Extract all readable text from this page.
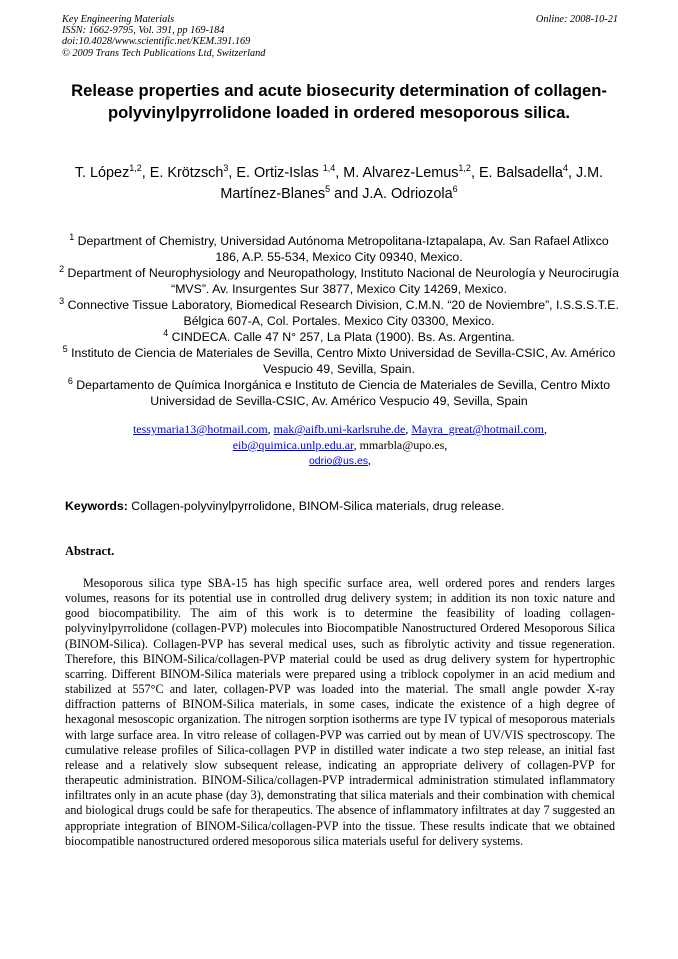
Key Engineering Materials
ISSN: 1662-9795, Vol. 391, pp 169-184
doi:10.4028/www.scientific.net/KEM.391.169
© 2009 Trans Tech Publications Ltd, Switzerland
Online: 2008-10-21
Release properties and acute biosecurity determination of collagen-polyvinylpyrrolidone loaded in ordered mesoporous silica.
T. López$^{1,2}$, E. Krötzsch$^3$, E. Ortiz-Islas $^{1,4}$, M. Alvarez-Lemus$^{1,2}$, E. Balsadella$^4$, J.M. Martínez-Blanes$^5$ and J.A. Odriozola$^6$
$^1$ Department of Chemistry, Universidad Autónoma Metropolitana-Iztapalapa, Av. San Rafael Atlixco 186, A.P. 55-534, Mexico City 09340, Mexico.
$^2$ Department of Neurophysiology and Neuropathology, Instituto Nacional de Neurología y Neurocirugía “MVS”. Av. Insurgentes Sur 3877, Mexico City 14269, Mexico.
$^3$ Connective Tissue Laboratory, Biomedical Research Division, C.M.N. “20 de Noviembre”, I.S.S.S.T.E. Bélgica 607-A, Col. Portales. Mexico City 03300, Mexico.
$^4$ CINDECA. Calle 47 N° 257, La Plata (1900). Bs. As. Argentina.
$^5$ Instituto de Ciencia de Materiales de Sevilla, Centro Mixto Universidad de Sevilla-CSIC, Av. Américo Vespucio 49, Sevilla, Spain.
$^6$ Departamento de Química Inorgánica e Instituto de Ciencia de Materiales de Sevilla, Centro Mixto Universidad de Sevilla-CSIC, Av. Américo Vespucio 49, Sevilla, Spain
tessymaria13@hotmail.com, mak@aifb.uni-karlsruhe.de, Mayra_great@hotmail.com,
eib@quimica.unlp.edu.ar, mmarbla@upo.es,
odrio@us.es,
Keywords: Collagen-polyvinylpyrrolidone, BINOM-Silica materials, drug release.
Abstract.

Mesoporous silica type SBA-15 has high specific surface area, well ordered pores and renders larges volumes, reasons for its potential use in controlled drug delivery system; in addition its non toxic nature and good biocompatibility. The aim of this work is to determine the feasibility of loading collagen-polyvinylpyrrolidone (collagen-PVP) molecules into Biocompatible Nanostructured Ordered Mesoporous Silica (BINOM-Silica). Collagen-PVP has several medical uses, such as fibrolytic activity and tissue regeneration. Therefore, this BINOM-Silica/collagen-PVP material could be used as drug delivery system for hypertrophic scarring. Different BINOM-Silica materials were prepared using a triblock copolymer in an acid medium and stabilized at 557°C and later, collagen-PVP was loaded into the material. The small angle powder X-ray diffraction patterns of BINOM-Silica materials, in some cases, indicate the existence of a high degree of hexagonal mesoscopic organization. The nitrogen sorption isotherms are type IV typical of mesoporous materials with large surface area. In vitro release of collagen-PVP was carried out by mean of UV/VIS spectroscopy. The cumulative release profiles of Silica-collagen PVP in distilled water indicate a two step release, an initial fast release and a relatively slow subsequent release, indicating an appropriate delivery of collagen-PVP for therapeutic administration. BINOM-Silica/collagen-PVP intradermical administration stimulated inflammatory infiltrates only in an acute phase (day 3), demonstrating that silica materials and their combination with chemical and biological drugs could be safe for therapeutics. The absence of inflammatory infiltrates at day 7 suggested an appropriate integration of BINOM-Silica/collagen-PVP into the tissue. These results indicate that we obtained biocompatible nanostructured ordered mesoporous silica materials useful for delivery systems.
